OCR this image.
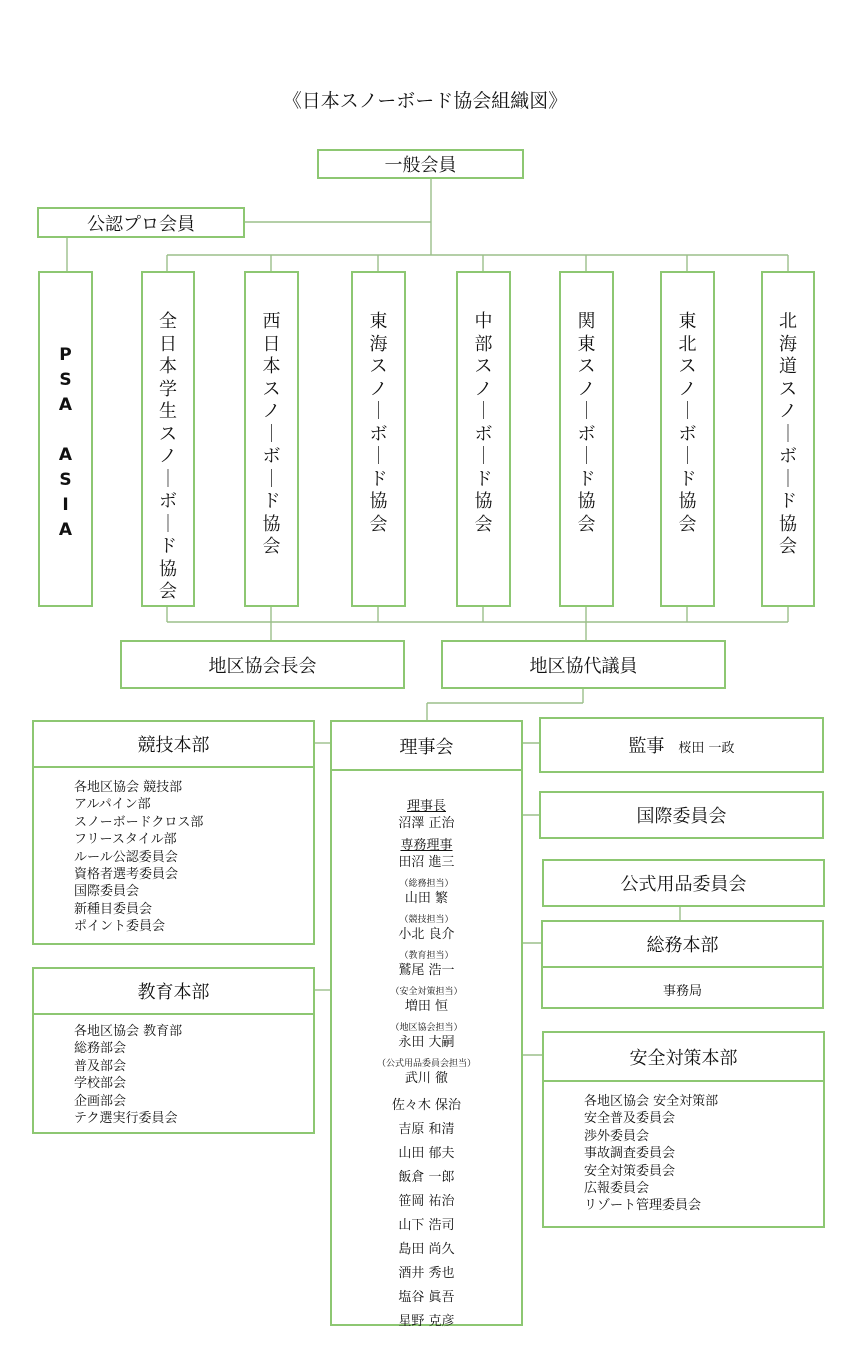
《日本スノーボード協会組織図》
一般会員
公認プロ会員
P
S
A
A
S
I
A
全
日
本
学
生
ス
ノ
｜
ボ
｜
ド
協
会
西
日
本
ス
ノ
｜
ボ
｜
ド
協
会
東
海
ス
ノ
｜
ボ
｜
ド
協
会
中
部
ス
ノ
｜
ボ
｜
ド
協
会
関
東
ス
ノ
｜
ボ
｜
ド
協
会
東
北
ス
ノ
｜
ボ
｜
ド
協
会
北
海
道
ス
ノ
｜
ボ
｜
ド
協
会
地区協会長会	地区協代議員
競技本部
各地区協会 競技部
アルパイン部
スノーボードクロス部
フリースタイル部
ルール公認委員会
資格者選考委員会
国際委員会
新種目委員会
ポイント委員会
教育本部
各地区協会 教育部
総務部会
普及部会
学校部会
企画部会
テク選実行委員会
理事会
理事長
沼澤 正治
専務理事
田沼 進三
（総務担当）
山田 繁
（競技担当）
小北 良介
（教育担当）
鷲尾 浩一
（安全対策担当）
増田 恒
（地区協会担当）
永田 大嗣
（公式用品委員会担当）
武川 徹
佐々木 保治
吉原 和清
山田 郁夫
飯倉 一郎
笹岡 祐治
山下 浩司
島田 尚久
酒井 秀也
塩谷 眞吾
星野 克彦
監事 桜田 一政
国際委員会
公式用品委員会
総務本部
事務局
安全対策本部
各地区協会 安全対策部
安全普及委員会
渉外委員会
事故調査委員会
安全対策委員会
広報委員会
リゾート管理委員会
